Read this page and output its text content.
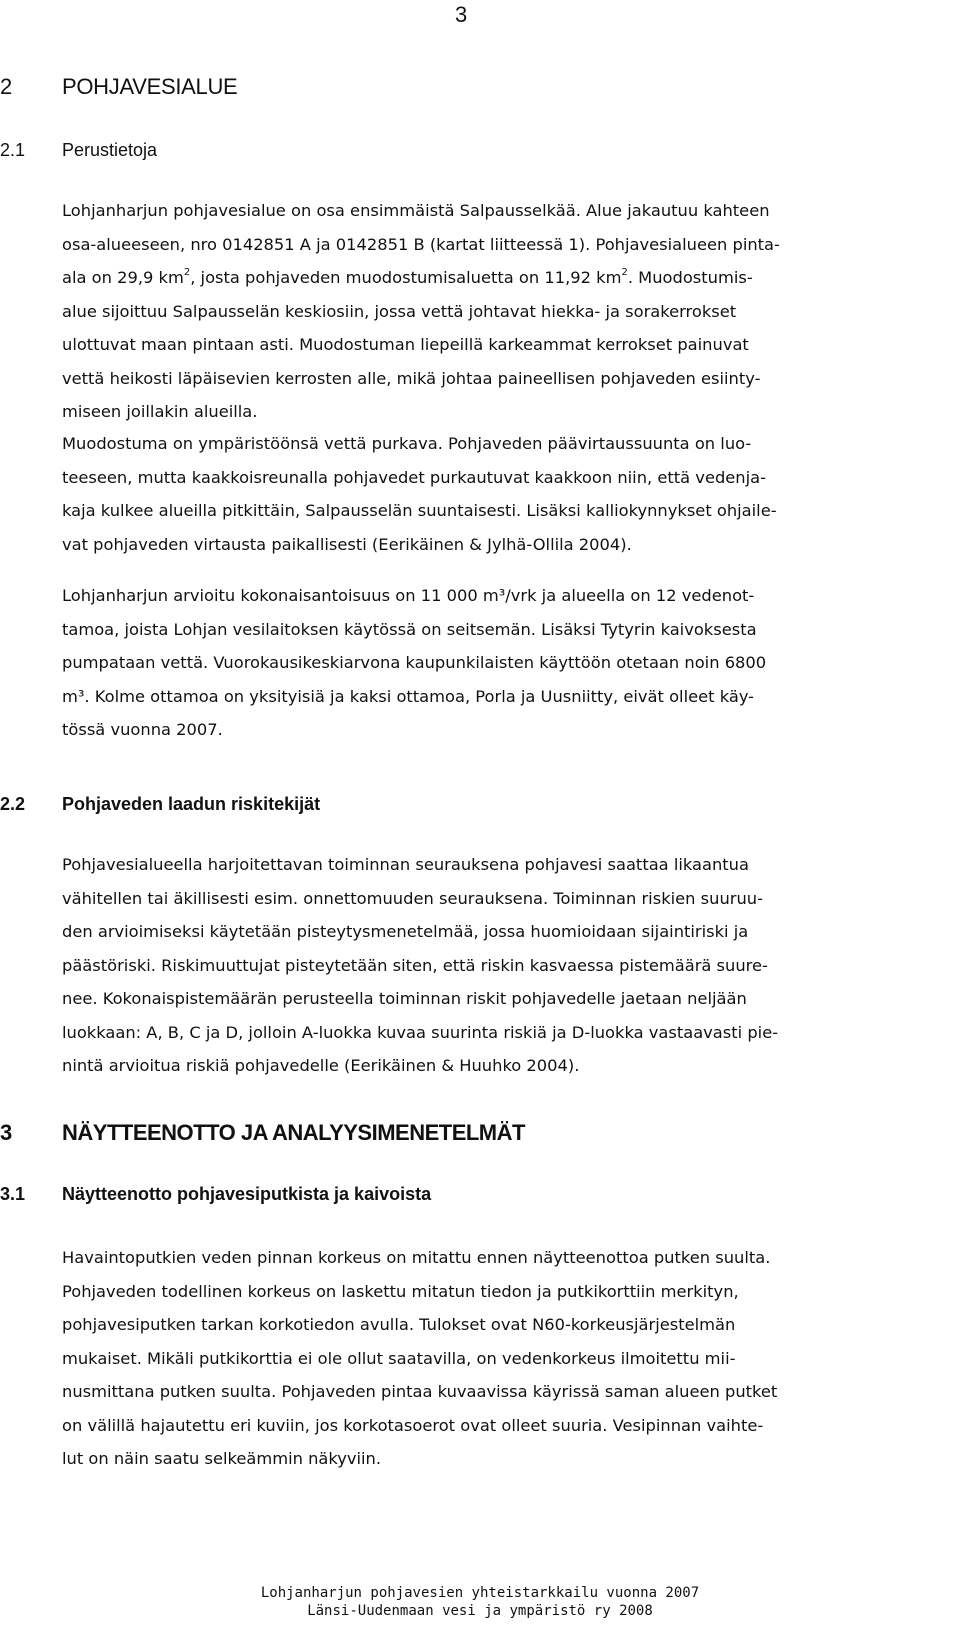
3
2 POHJAVESIALUE
2.1 Perustietoja
Lohjanharjun pohjavesialue on osa ensimmäistä Salpausselkää. Alue jakautuu kahteen
osa-alueeseen, nro 0142851 A ja 0142851 B (kartat liitteessä 1). Pohjavesialueen pinta-
ala on 29,9 $km^2$, josta pohjaveden muodostumisaluetta on 11,92 $km^2$. Muodostumis-
alue sijoittuu Salpausselän keskiosiin, jossa vettä johtavat hiekka- ja sorakerrokset
ulottuvat maan pintaan asti. Muodostuman liepeillä karkeammat kerrokset painuvat
vettä heikosti läpäisevien kerrosten alle, mikä johtaa paineellisen pohjaveden esiinty-
miseen joillakin alueilla.
Muodostuma on ympäristöönsä vettä purkava. Pohjaveden päävirtaussuunta on luo-
teeseen, mutta kaakkoisreunalla pohjavedet purkautuvat kaakkoon niin, että vedenja-
kaja kulkee alueilla pitkittäin, Salpausselän suuntaisesti. Lisäksi kalliokynnykset ohjaile-
vat pohjaveden virtausta paikallisesti (Eerikäinen & Jylhä-Ollila 2004).
Lohjanharjun arvioitu kokonaisantoisuus on 11 000 m³/vrk ja alueella on 12 vedenot-
tamoa, joista Lohjan vesilaitoksen käytössä on seitsemän. Lisäksi Tytyrin kaivoksesta
pumpataan vettä. Vuorokausikeskiarvona kaupunkilaisten käyttöön otetaan noin 6800
m³. Kolme ottamoa on yksityisiä ja kaksi ottamoa, Porla ja Uusniitty, eivät olleet käy-
tössä vuonna 2007.
2.2 Pohjaveden laadun riskitekijät
Pohjavesialueella harjoitettavan toiminnan seurauksena pohjavesi saattaa likaantua
vähitellen tai äkillisesti esim. onnettomuuden seurauksena. Toiminnan riskien suuruu-
den arvioimiseksi käytetään pisteytysmenetelmää, jossa huomioidaan sijaintiriski ja
päästöriski. Riskimuuttujat pisteytetään siten, että riskin kasvaessa pistemäärä suure-
nee. Kokonaispistemäärän perusteella toiminnan riskit pohjavedelle jaetaan neljään
luokkaan: A, B, C ja D, jolloin A-luokka kuvaa suurinta riskiä ja D-luokka vastaavasti pie-
nintä arvioitua riskiä pohjavedelle (Eerikäinen & Huuhko 2004).
3 NÄYTTEENOTTO JA ANALYYSIMENETELMÄT
3.1 Näytteenotto pohjavesiputkista ja kaivoista
Havaintoputkien veden pinnan korkeus on mitattu ennen näytteenottoa putken suulta.
Pohjaveden todellinen korkeus on laskettu mitatun tiedon ja putkikorttiin merkityn,
pohjavesiputken tarkan korkotiedon avulla. Tulokset ovat N60-korkeusjärjestelmän
mukaiset. Mikäli putkikorttia ei ole ollut saatavilla, on vedenkorkeus ilmoitettu mii-
nusmittana putken suulta. Pohjaveden pintaa kuvaavissa käyrissä saman alueen putket
on välillä hajautettu eri kuviin, jos korkotasoerot ovat olleet suuria. Vesipinnan vaihte-
lut on näin saatu selkeämmin näkyviin.
Lohjanharjun pohjavesien yhteistarkkailu vuonna 2007
Länsi-Uudenmaan vesi ja ympäristö ry 2008
